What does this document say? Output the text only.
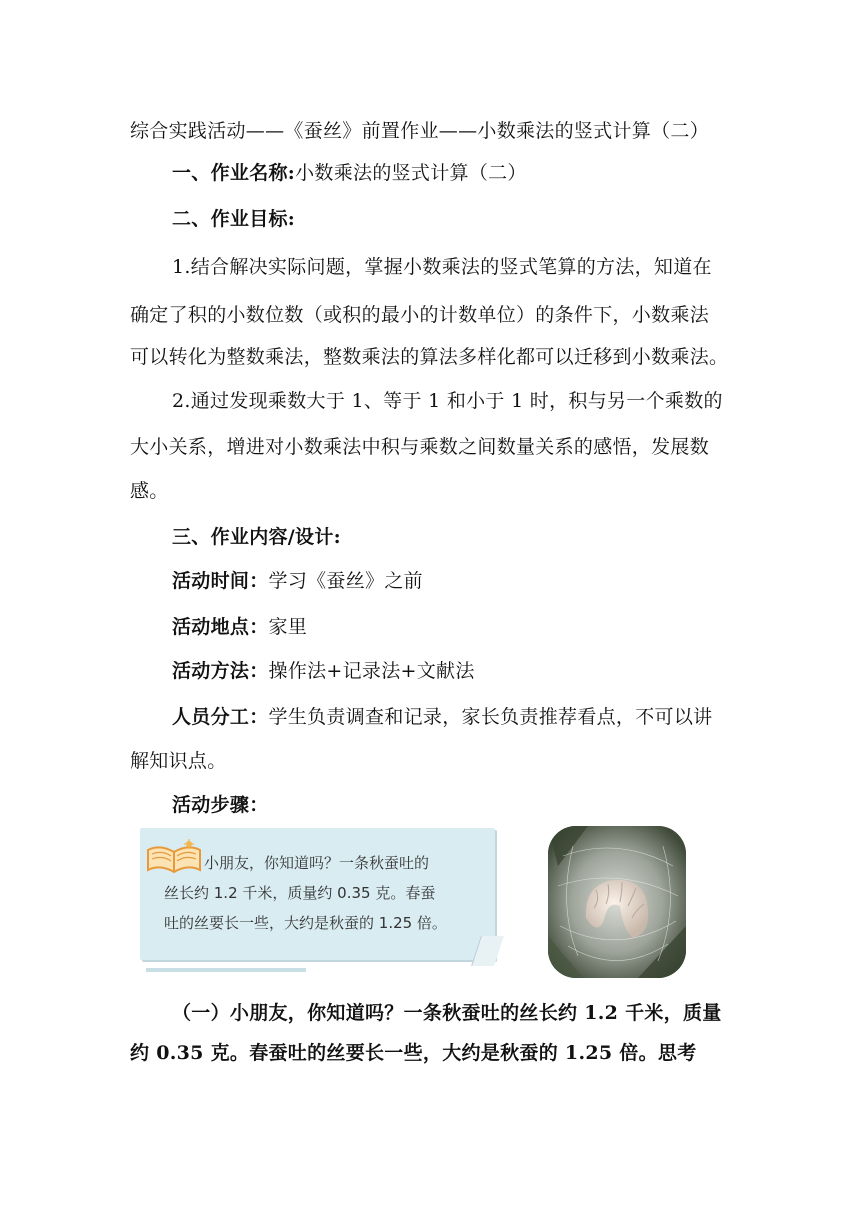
综合实践活动——《蚕丝》前置作业——小数乘法的竖式计算（二）
一、作业名称:小数乘法的竖式计算（二）
二、作业目标:
1.结合解决实际问题，掌握小数乘法的竖式笔算的方法，知道在
确定了积的小数位数（或积的最小的计数单位）的条件下，小数乘法
可以转化为整数乘法，整数乘法的算法多样化都可以迁移到小数乘法。
2.通过发现乘数大于 1、等于 1 和小于 1 时，积与另一个乘数的
大小关系，增进对小数乘法中积与乘数之间数量关系的感悟，发展数
感。
三、作业内容/设计:
活动时间：学习《蚕丝》之前
活动地点：家里
活动方法：操作法+记录法+文献法
人员分工：学生负责调查和记录，家长负责推荐看点，不可以讲
解知识点。
活动步骤：
小朋友，你知道吗？一条秋蚕吐的
丝长约 1.2 千米，质量约 0.35 克。春蚕
吐的丝要长一些，大约是秋蚕的 1.25 倍。
（一）小朋友，你知道吗？一条秋蚕吐的丝长约 1.2 千米，质量
约 0.35 克。春蚕吐的丝要长一些，大约是秋蚕的 1.25 倍。思考
